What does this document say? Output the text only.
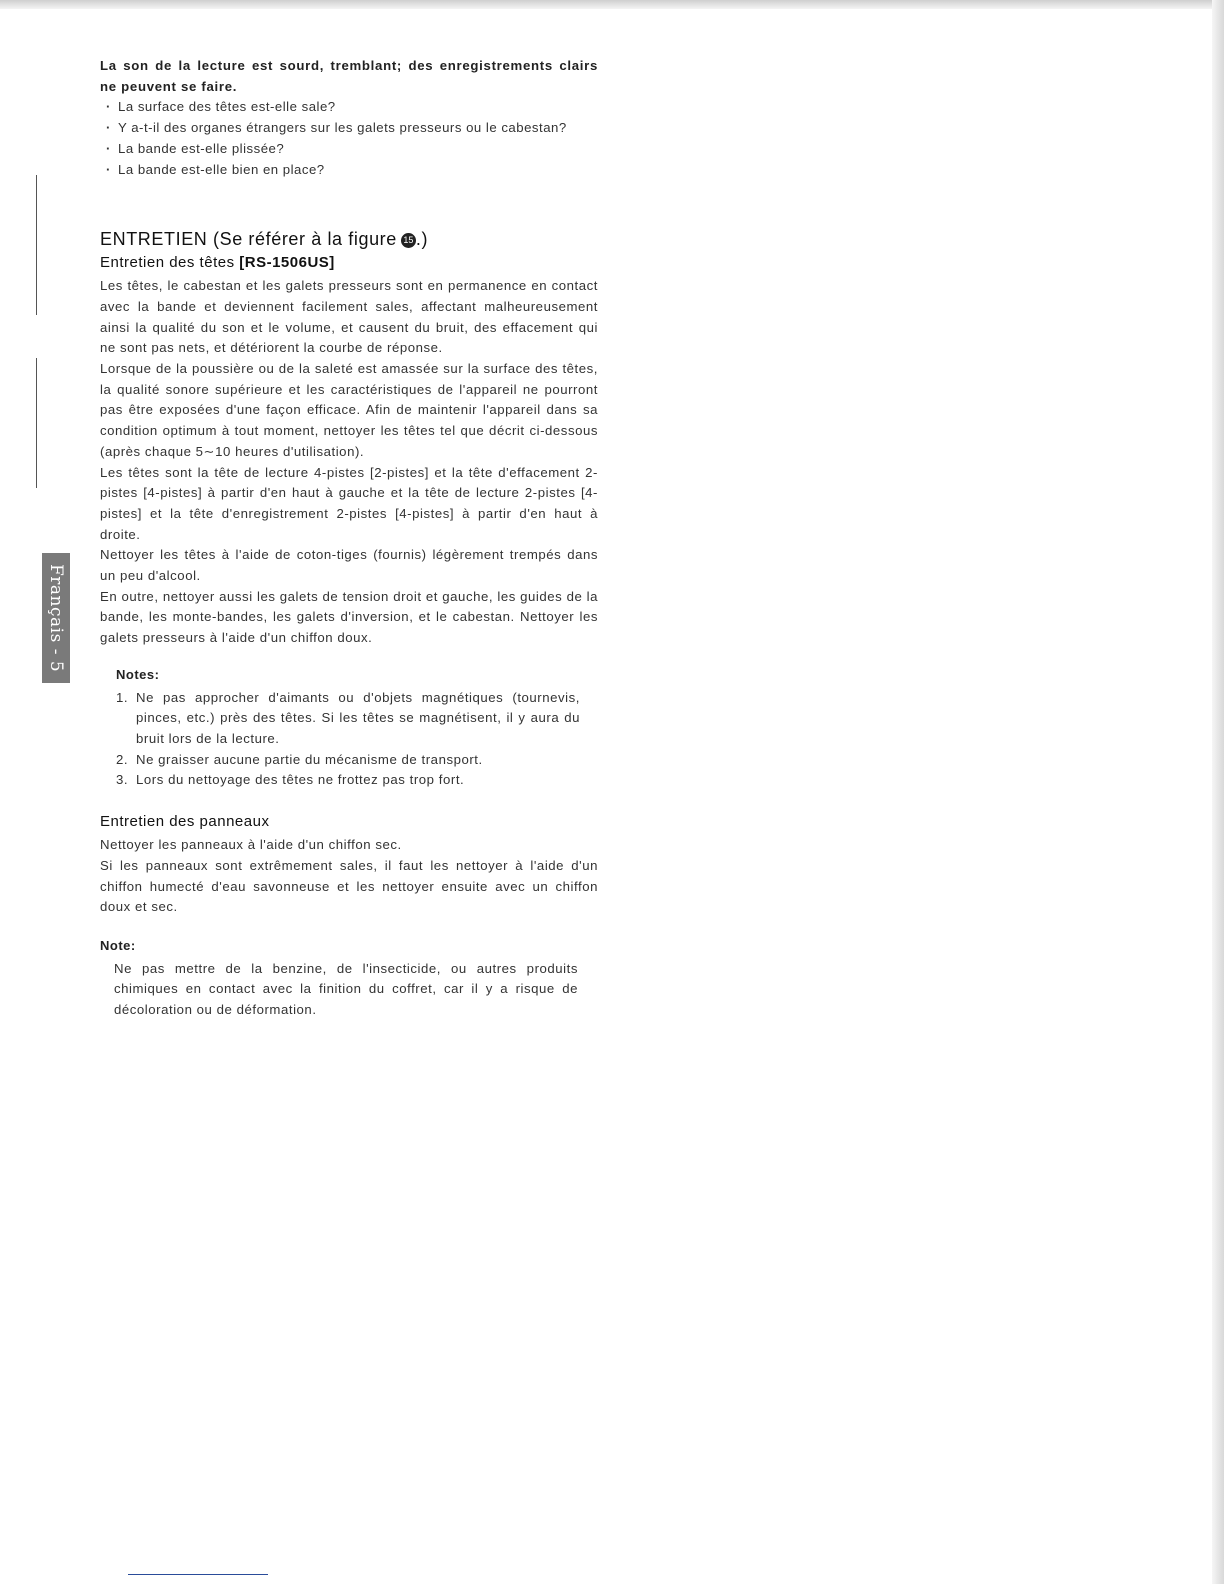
Français - 5

La son de la lecture est sourd, tremblant; des enregistrements clairs ne peuvent se faire.

· La surface des têtes est-elle sale?
· Y a-t-il des organes étrangers sur les galets presseurs ou le cabestan?
· La bande est-elle plissée?
· La bande est-elle bien en place?
ENTRETIEN (Se référer à la figure 15 .)
Entretien des têtes [RS-1506US]

Les têtes, le cabestan et les galets presseurs sont en permanence en contact avec la bande et deviennent facilement sales, affectant malheureusement ainsi la qualité du son et le volume, et causent du bruit, des effacement qui ne sont pas nets, et détériorent la courbe de réponse.

Lorsque de la poussière ou de la saleté est amassée sur la surface des têtes, la qualité sonore supérieure et les caractéristiques de l'appareil ne pourront pas être exposées d'une façon efficace. Afin de maintenir l'appareil dans sa condition optimum à tout moment, nettoyer les têtes tel que décrit ci-dessous (après chaque 5∼10 heures d'utilisation).

Les têtes sont la tête de lecture 4-pistes [2-pistes] et la tête d'effacement 2-pistes [4-pistes] à partir d'en haut à gauche et la tête de lecture 2-pistes [4-pistes] et la tête d'enregistrement 2-pistes [4-pistes] à partir d'en haut à droite.

Nettoyer les têtes à l'aide de coton-tiges (fournis) légèrement trempés dans un peu d'alcool.

En outre, nettoyer aussi les galets de tension droit et gauche, les guides de la bande, les monte-bandes, les galets d'inversion, et le cabestan. Nettoyer les galets presseurs à l'aide d'un chiffon doux.

Notes:
1. Ne pas approcher d'aimants ou d'objets magnétiques (tournevis, pinces, etc.) près des têtes. Si les têtes se magnétisent, il y aura du bruit lors de la lecture.
2. Ne graisser aucune partie du mécanisme de transport.
3. Lors du nettoyage des têtes ne frottez pas trop fort.
Entretien des panneaux

Nettoyer les panneaux à l'aide d'un chiffon sec.

Si les panneaux sont extrêmement sales, il faut les nettoyer à l'aide d'un chiffon humecté d'eau savonneuse et les nettoyer ensuite avec un chiffon doux et sec.

Note:

Ne pas mettre de la benzine, de l'insecticide, ou autres produits chimiques en contact avec la finition du coffret, car il y a risque de décoloration ou de déformation.
